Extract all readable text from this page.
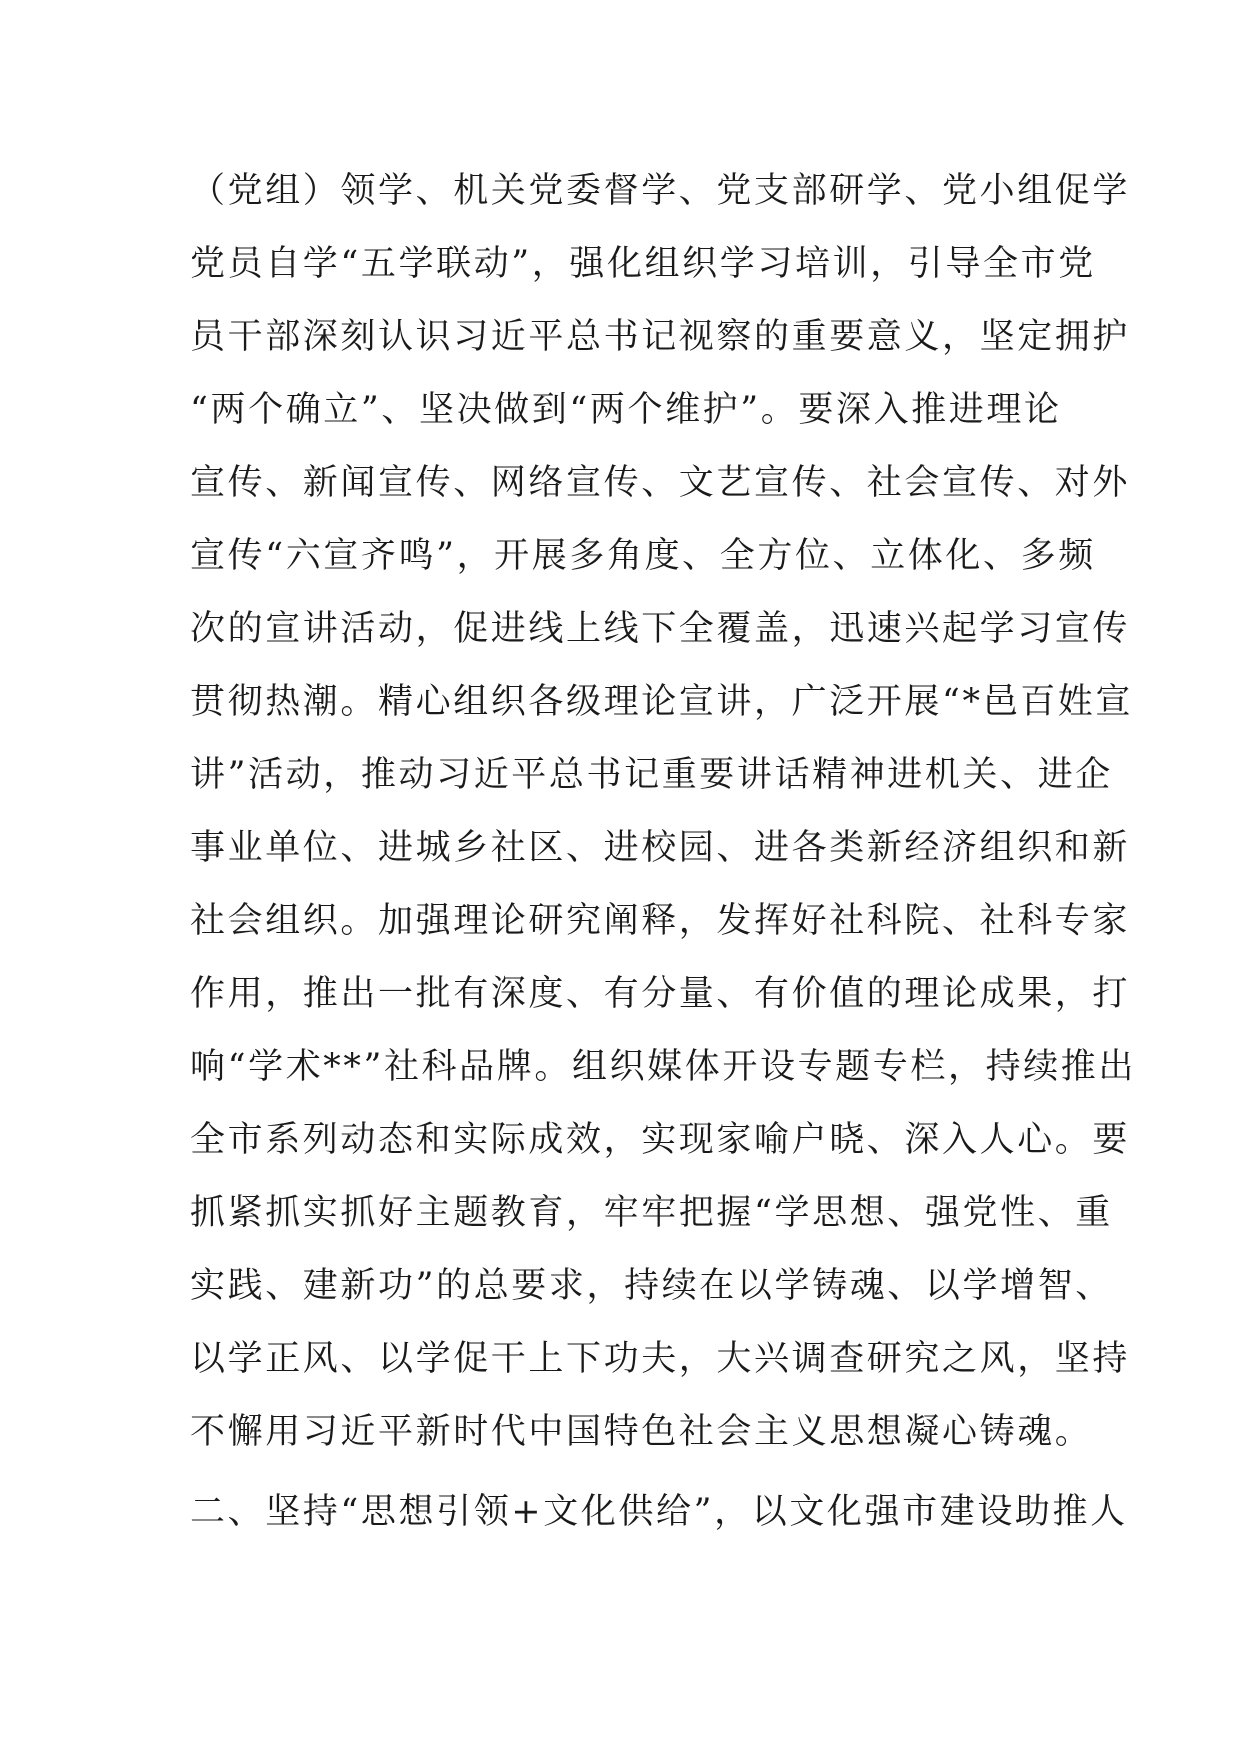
（党组）领学、机关党委督学、党支部研学、党小组促学
党员自学“五学联动”，强化组织学习培训，引导全市党
员干部深刻认识习近平总书记视察的重要意义，坚定拥护
“两个确立”、坚决做到“两个维护”。要深入推进理论
宣传、新闻宣传、网络宣传、文艺宣传、社会宣传、对外
宣传“六宣齐鸣”，开展多角度、全方位、立体化、多频
次的宣讲活动，促进线上线下全覆盖，迅速兴起学习宣传
贯彻热潮。精心组织各级理论宣讲，广泛开展“*邑百姓宣
讲”活动，推动习近平总书记重要讲话精神进机关、进企
事业单位、进城乡社区、进校园、进各类新经济组织和新
社会组织。加强理论研究阐释，发挥好社科院、社科专家
作用，推出一批有深度、有分量、有价值的理论成果，打
响“学术**”社科品牌。组织媒体开设专题专栏，持续推出
全市系列动态和实际成效，实现家喻户晓、深入人心。要
抓紧抓实抓好主题教育，牢牢把握“学思想、强党性、重
实践、建新功”的总要求，持续在以学铸魂、以学增智、
以学正风、以学促干上下功夫，大兴调查研究之风，坚持
不懈用习近平新时代中国特色社会主义思想凝心铸魂。
二、坚持“思想引领+文化供给”，以文化强市建设助推人
